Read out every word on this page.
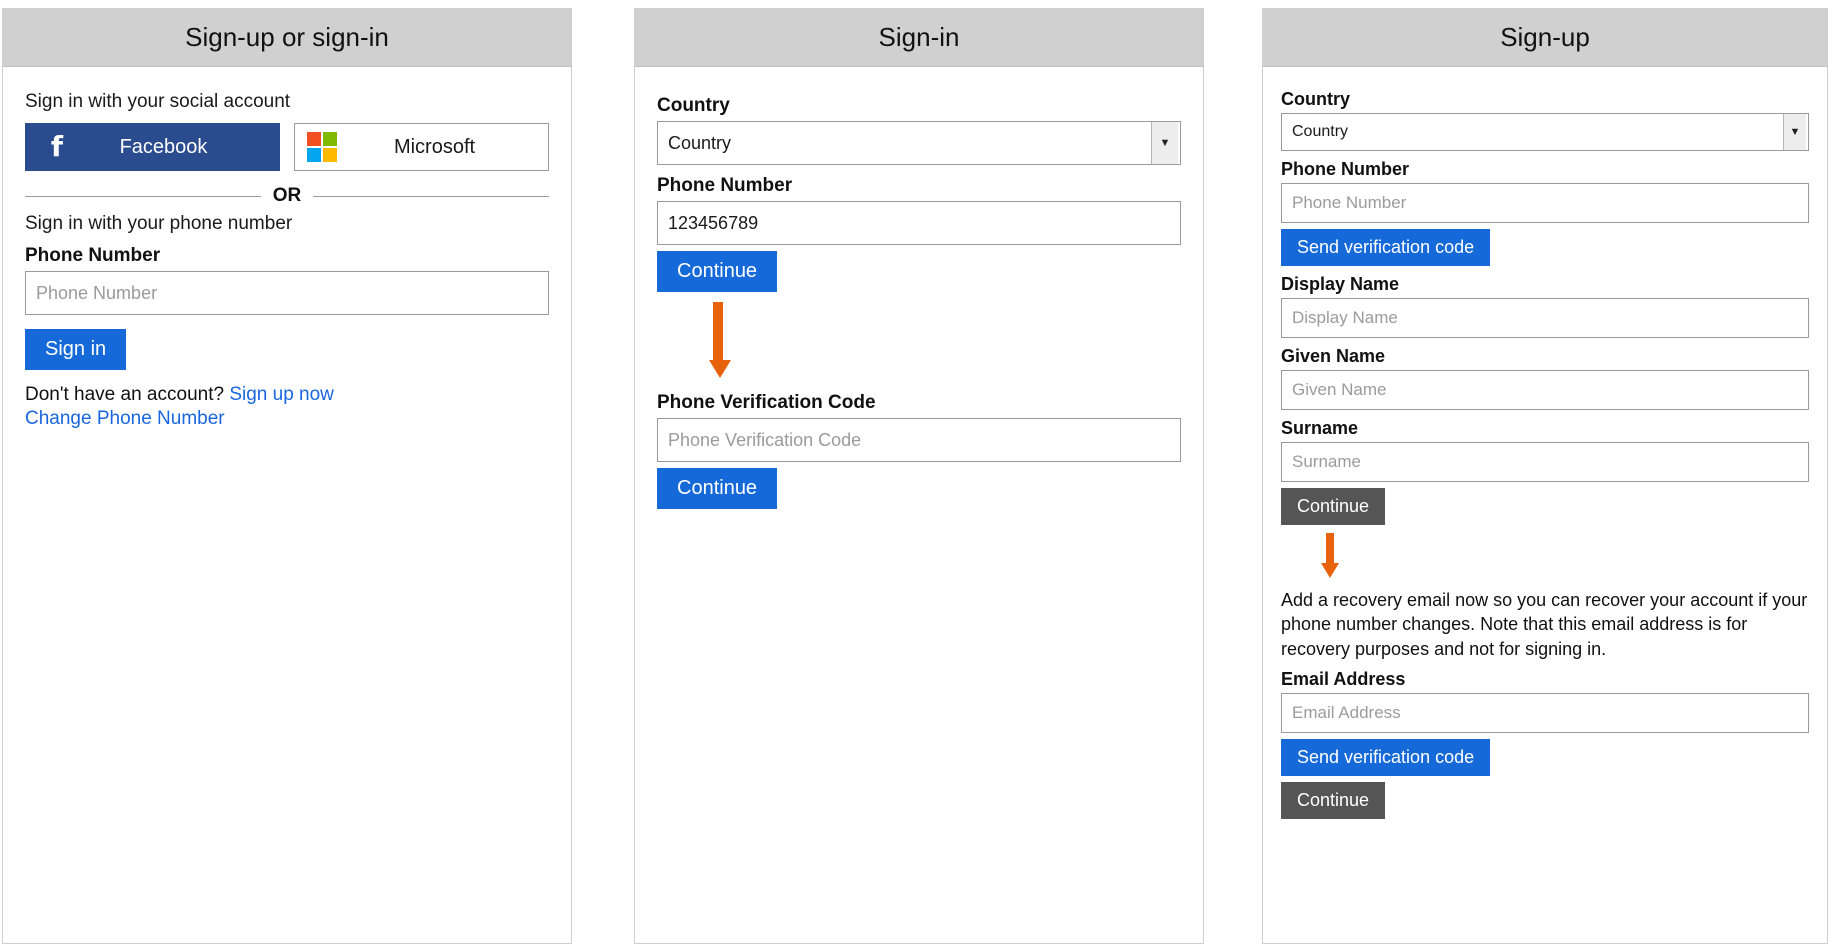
Sign-up or sign-in
Sign in with your social account
f	Facebook	Microsoft
OR
Sign in with your phone number
Phone Number
Phone Number
Sign in
Don't have an account? Sign up now
Change Phone Number
Sign-in
Country
Country	▼
Phone Number
123456789
Continue
Phone Verification Code
Phone Verification Code
Continue
Sign-up
Country
Country	▼
Phone Number
Phone Number
Send verification code
Display Name
Display Name
Given Name
Given Name
Surname
Surname
Continue
Add a recovery email now so you can recover your account if your phone number changes. Note that this email address is for recovery purposes and not for signing in.
Email Address
Email Address
Send verification code
Continue
